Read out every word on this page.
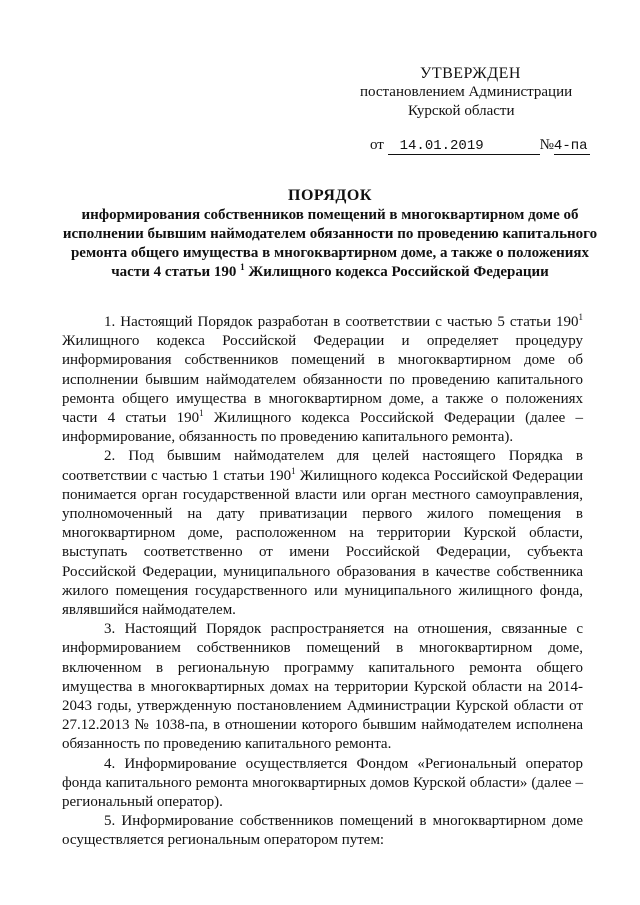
УТВЕРЖДЕН
постановлением Администрации
Курской области
от 14.01.2019	№4-па
ПОРЯДОК
информирования собственников помещений в многоквартирном доме об исполнении бывшим наймодателем обязанности по проведению капитального ремонта общего имущества в многоквартирном доме, а также о положениях части 4 статьи 190 $^1$ Жилищного кодекса Российской Федерации

1. Настоящий Порядок разработан в соответствии с частью 5 статьи $190^1$ Жилищного кодекса Российской Федерации и определяет процедуру информирования собственников помещений в многоквартирном доме об исполнении бывшим наймодателем обязанности по проведению капитального ремонта общего имущества в многоквартирном доме, а также о положениях части 4 статьи $190^1$ Жилищного кодекса Российской Федерации (далее – информирование, обязанность по проведению капитального ремонта).

2. Под бывшим наймодателем для целей настоящего Порядка в соответствии с частью 1 статьи $190^1$ Жилищного кодекса Российской Федерации понимается орган государственной власти или орган местного самоуправления, уполномоченный на дату приватизации первого жилого помещения в многоквартирном доме, расположенном на территории Курской области, выступать соответственно от имени Российской Федерации, субъекта Российской Федерации, муниципального образования в качестве собственника жилого помещения государственного или муниципального жилищного фонда, являвшийся наймодателем.

3. Настоящий Порядок распространяется на отношения, связанные с информированием собственников помещений в многоквартирном доме, включенном в региональную программу капитального ремонта общего имущества в многоквартирных домах на территории Курской области на 2014-2043 годы, утвержденную постановлением Администрации Курской области от 27.12.2013 № 1038-па, в отношении которого бывшим наймодателем исполнена обязанность по проведению капитального ремонта.

4. Информирование осуществляется Фондом «Региональный оператор фонда капитального ремонта многоквартирных домов Курской области» (далее – региональный оператор).

5. Информирование собственников помещений в многоквартирном доме осуществляется региональным оператором путем:
